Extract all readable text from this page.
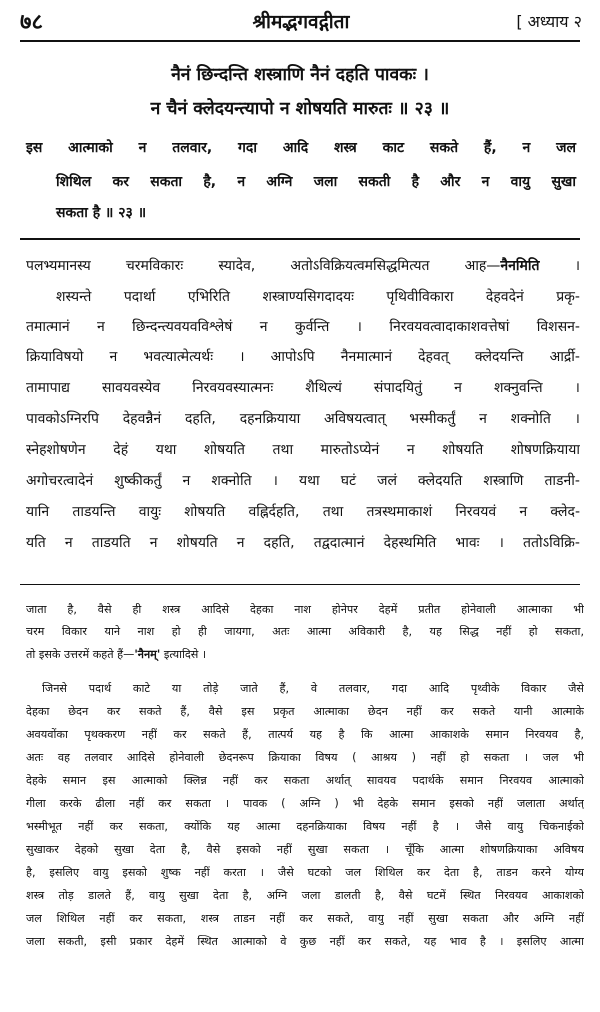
७८	श्रीमद्भगवद्गीता	[ अध्याय २
नैनं छिन्दन्ति शस्त्राणि नैनं दहति पावकः ।
न चैनं क्लेदयन्त्यापो न शोषयति मारुतः ॥ २३ ॥
इस आत्माको न तलवार, गदा आदि शस्त्र काट सकते हैं, न जल
शिथिल कर सकता है, न अग्नि जला सकती है और न वायु सुखा
सकता है ॥ २३ ॥
पलभ्यमानस्य चरमविकारः स्यादेव, अतोऽविक्रियत्वमसिद्धमित्यत आह—नैनमिति	।
शस्यन्ते पदार्था एभिरिति शस्त्राण्यसिगदादयः पृथिवीविकारा देहवदेनं प्रकृ-
तमात्मानं न छिन्दन्त्यवयवविश्लेषं न कुर्वन्ति । निरवयवत्वादाकाशवत्तेषां विशसन-
क्रियाविषयो न भवत्यात्मेत्यर्थः । आपोऽपि नैनमात्मानं देहवत् क्लेदयन्ति आर्द्री-
तामापाद्य सावयवस्येव निरवयवस्यात्मनः शैथिल्यं संपादयितुं न शक्नुवन्ति ।
पावकोऽग्निरपि देहवन्नैनं दहति, दहनक्रियाया अविषयत्वात् भस्मीकर्तुं न शक्नोति ।
स्नेहशोषणेन देहं यथा शोषयति तथा मारुतोऽप्येनं न शोषयति शोषणक्रियाया
अगोचरत्वादेनं शुष्कीकर्तुं न शक्नोति । यथा घटं जलं क्लेदयति शस्त्राणि ताडनी-
यानि ताडयन्ति वायुः शोषयति वह्निर्दहति, तथा तत्रस्थमाकाशं निरवयवं न क्लेद-
यति न ताडयति न शोषयति न दहति, तद्वदात्मानं देहस्थमिति भावः । ततोऽविक्रि-
जाता है, वैसे ही शस्त्र आदिसे देहका नाश होनेपर देहमें प्रतीत होनेवाली आत्माका भी
चरम विकार याने नाश हो ही जायगा, अतः आत्मा अविकारी है, यह सिद्ध नहीं हो सकता,
तो इसके उत्तरमें कहते हैं—'नैनम्' इत्यादिसे ।
जिनसे पदार्थ काटे या तोड़े जाते हैं, वे तलवार, गदा आदि पृथ्वीके विकार जैसे
देहका छेदन कर सकते हैं, वैसे इस प्रकृत आत्माका छेदन नहीं कर सकते यानी आत्माके
अवयवोंका पृथक्करण नहीं कर सकते हैं, तात्पर्य यह है कि आत्मा आकाशके समान निरवयव है,
अतः वह तलवार आदिसे होनेवाली छेदनरूप क्रियाका विषय ( आश्रय ) नहीं हो सकता । जल भी
देहके समान इस आत्माको क्लिन्न नहीं कर सकता अर्थात् सावयव पदार्थके समान निरवयव आत्माको
गीला करके ढीला नहीं कर सकता । पावक ( अग्नि ) भी देहके समान इसको नहीं जलाता अर्थात्
भस्मीभूत नहीं कर सकता, क्योंकि यह आत्मा दहनक्रियाका विषय नहीं है । जैसे वायु चिकनाईको
सुखाकर देहको सुखा देता है, वैसे इसको नहीं सुखा सकता । चूँकि आत्मा शोषणक्रियाका अविषय
है, इसलिए वायु इसको शुष्क नहीं करता । जैसे घटको जल शिथिल कर देता है, ताडन करने योग्य
शस्त्र तोड़ डालते हैं, वायु सुखा देता है, अग्नि जला डालती है, वैसे घटमें स्थित निरवयव आकाशको
जल शिथिल नहीं कर सकता, शस्त्र ताडन नहीं कर सकते, वायु नहीं सुखा सकता और अग्नि नहीं
जला सकती, इसी प्रकार देहमें स्थित आत्माको वे कुछ नहीं कर सकते, यह भाव है । इसलिए आत्मा
